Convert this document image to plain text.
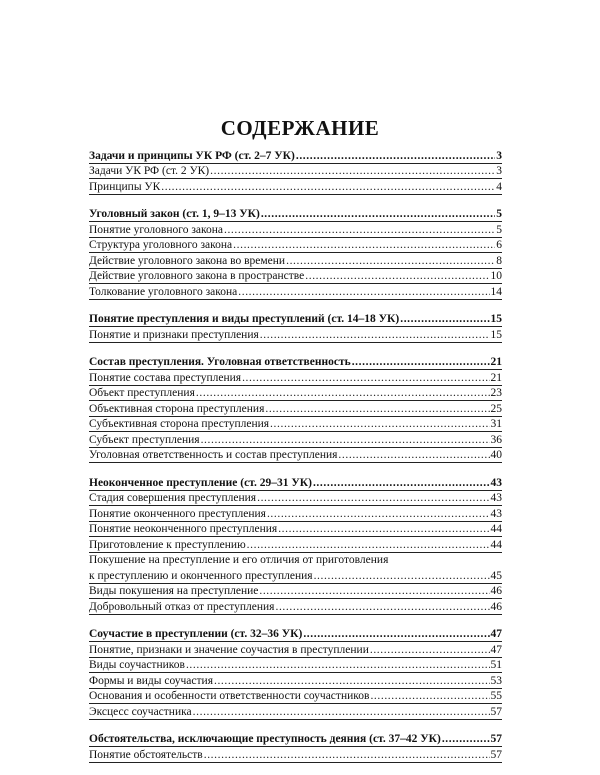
СОДЕРЖАНИЕ
Задачи и принципы УК РФ (ст. 2–7 УК) .....	3
Задачи УК РФ (ст. 2 УК) .....	3
Принципы УК .....	4
Уголовный закон (ст. 1, 9–13 УК) .....	5
Понятие уголовного закона .....	5
Структура уголовного закона .....	6
Действие уголовного закона во времени .....	8
Действие уголовного закона в пространстве .....	10
Толкование уголовного закона .....	14
Понятие преступления и виды преступлений (ст. 14–18 УК) .....	15
Понятие и признаки преступления .....	15
Состав преступления. Уголовная ответственность .....	21
Понятие состава преступления .....	21
Объект преступления .....	23
Объективная сторона преступления .....	25
Субъективная сторона преступления .....	31
Субъект преступления .....	36
Уголовная ответственность и состав преступления .....	40
Неоконченное преступление (ст. 29–31 УК) .....	43
Стадия совершения преступления .....	43
Понятие оконченного преступления .....	43
Понятие неоконченного преступления .....	44
Приготовление к преступлению .....	44
Покушение на преступление и его отличия от приготовления
к преступлению и оконченного преступления .....	45
Виды покушения на преступление .....	46
Добровольный отказ от преступления .....	46
Соучастие в преступлении (ст. 32–36 УК) .....	47
Понятие, признаки и значение соучастия в преступлении .....	47
Виды соучастников .....	51
Формы и виды соучастия .....	53
Основания и особенности ответственности соучастников .....	55
Эксцесс соучастника .....	57
Обстоятельства, исключающие преступность деяния (ст. 37–42 УК) .....	57
Понятие обстоятельств .....	57
